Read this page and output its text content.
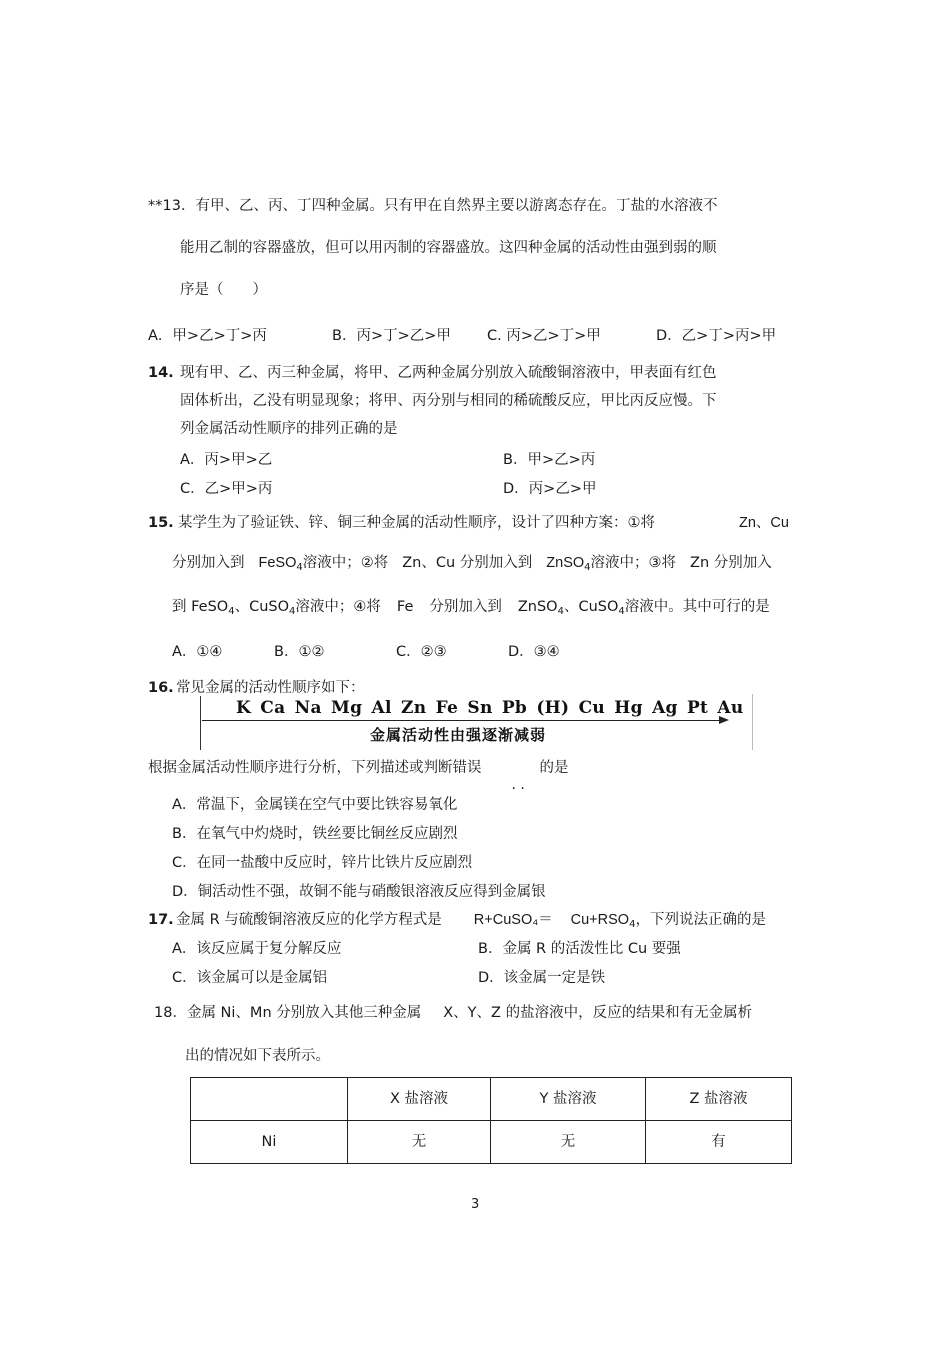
**13．有甲、乙、丙、丁四种金属。只有甲在自然界主要以游离态存在。丁盐的水溶液不
能用乙制的容器盛放，但可以用丙制的容器盛放。这四种金属的活动性由强到弱的顺
序是（　　）
A．甲>乙>丁>丙	B．丙>丁>乙>甲 C. 丙>乙>丁>甲	D．乙>丁>丙>甲
14. 现有甲、乙、丙三种金属，将甲、乙两种金属分别放入硫酸铜溶液中，甲表面有红色
固体析出，乙没有明显现象；将甲、丙分别与相同的稀硫酸反应，甲比丙反应慢。下
列金属活动性顺序的排列正确的是
A．丙>甲>乙	B．甲>乙>丙
C．乙>甲>丙	D．丙>乙>甲
15. 某学生为了验证铁、锌、铜三种金属的活动性顺序，设计了四种方案：①将	Zn、Cu
分别加入到 FeSO$_4$溶液中；②将 Zn、Cu 分别加入到 ZnSO$_4$溶液中；③将 Zn 分别加入
到 FeSO$_4$、CuSO$_4$溶液中；④将 Fe 分别加入到 ZnSO$_4$、CuSO$_4$溶液中。其中可行的是
A．①④	B．①②	C．②③	D．③④
16. 常见金属的活动性顺序如下：
K Ca Na Mg Al Zn Fe Sn Pb (H) Cu Hg Ag Pt Au
金属活动性由强逐渐减弱
根据金属活动性顺序进行分析，下列描述或判断错误	的是
A．常温下，金属镁在空气中要比铁容易氧化
B．在氧气中灼烧时，铁丝要比铜丝反应剧烈
C．在同一盐酸中反应时，锌片比铁片反应剧烈
D．铜活动性不强，故铜不能与硝酸银溶液反应得到金属银
17. 金属 R 与硫酸铜溶液反应的化学方程式是 R+CuSO₄＝ $Cu+RSO_4$，下列说法正确的是
A．该反应属于复分解反应	B．金属 R 的活泼性比 Cu 要强
C．该金属可以是金属铝	D．该金属一定是铁
18．金属 Ni、Mn 分别放入其他三种金属 X、Y、Z 的盐溶液中，反应的结果和有无金属析
出的情况如下表所示。
	X 盐溶液	Y 盐溶液	Z 盐溶液
Ni	无	无	有
3
